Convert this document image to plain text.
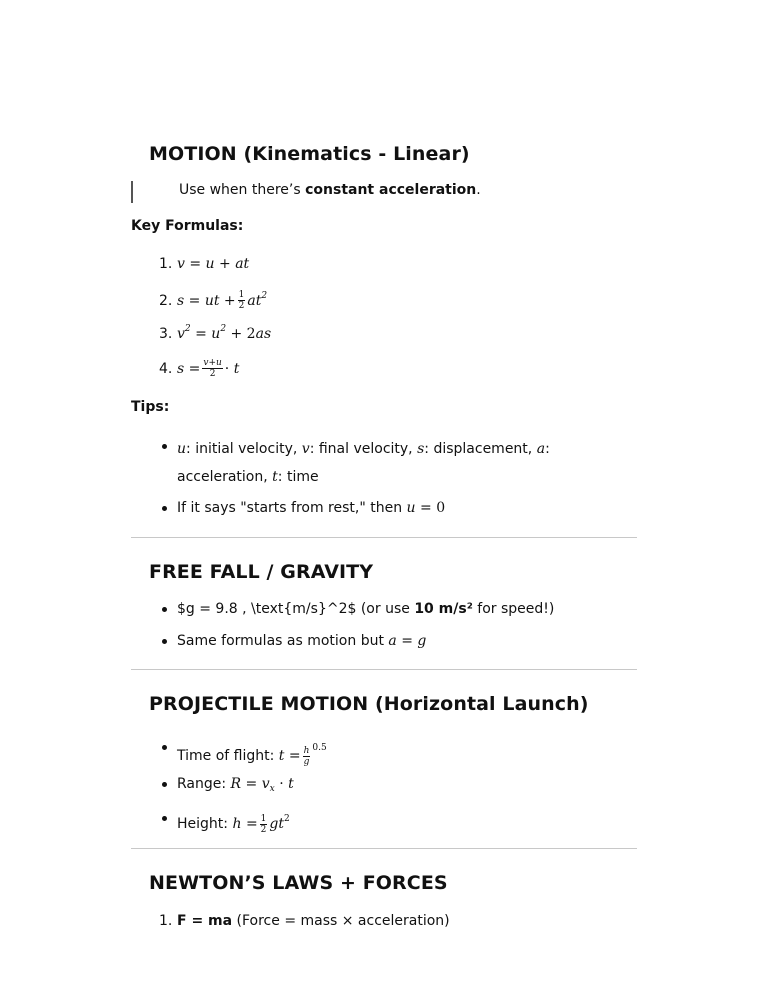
MOTION (Kinematics - Linear)
Use when there’s constant acceleration.
Key Formulas:
1. v = u + at
2. s = ut + $\frac{1}{2} at^2$
3. $v^2 = u^2 + 2as$
4. $s = \frac{v+u}{2} \cdot t$
Tips:
u: initial velocity, v: final velocity, s: displacement, a:
acceleration, t: time
If it says "starts from rest," then u = 0
FREE FALL / GRAVITY
$g = 9.8 , \text{m/s}^2$ (or use 10 m/s² for speed!)
Same formulas as motion but a = g
PROJECTILE MOTION (Horizontal Launch)
Time of flight: $t = \frac{h}{g} ^{0.5}$
Range: $R = v_x \cdot t$
Height: $h = \frac{1}{2} gt^2$
NEWTON’S LAWS + FORCES
1. F = ma (Force = mass × acceleration)
